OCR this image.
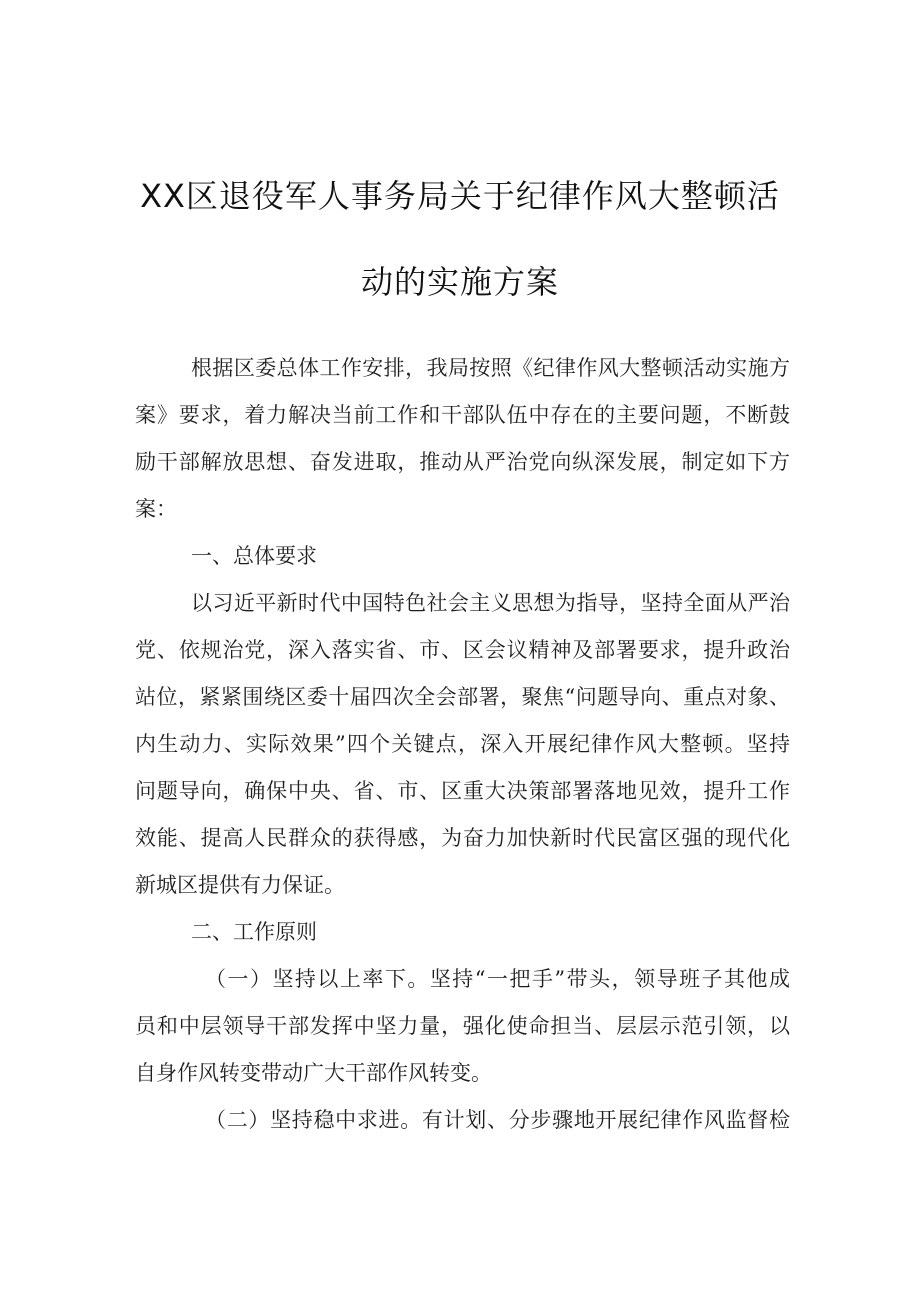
XX区退役军人事务局关于纪律作风大整顿活
动的实施方案
根据区委总体工作安排，我局按照《纪律作风大整顿活动实施方
案》要求，着力解决当前工作和干部队伍中存在的主要问题，不断鼓
励干部解放思想、奋发进取，推动从严治党向纵深发展，制定如下方
案：
一、总体要求
以习近平新时代中国特色社会主义思想为指导，坚持全面从严治
党、依规治党，深入落实省、市、区会议精神及部署要求，提升政治
站位，紧紧围绕区委十届四次全会部署，聚焦“问题导向、重点对象、
内生动力、实际效果”四个关键点，深入开展纪律作风大整顿。坚持
问题导向，确保中央、省、市、区重大决策部署落地见效，提升工作
效能、提高人民群众的获得感，为奋力加快新时代民富区强的现代化
新城区提供有力保证。
二、工作原则
（一）坚持以上率下。坚持“一把手”带头，领导班子其他成
员和中层领导干部发挥中坚力量，强化使命担当、层层示范引领，以
自身作风转变带动广大干部作风转变。
（二）坚持稳中求进。有计划、分步骤地开展纪律作风监督检
